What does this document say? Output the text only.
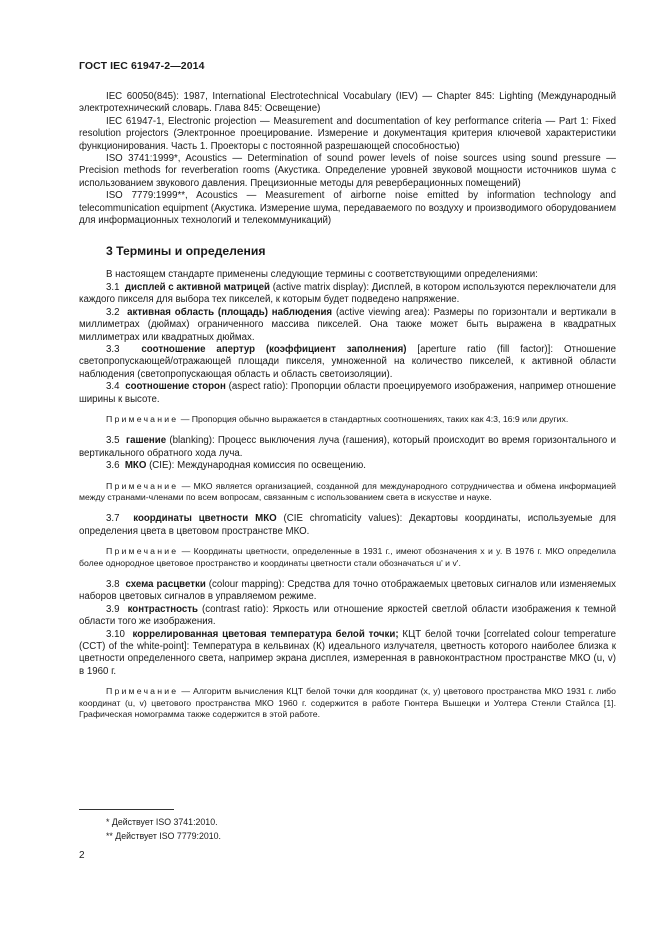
ГОСТ IEC 61947-2—2014

IEC 60050(845): 1987, International Electrotechnical Vocabulary (IEV) — Chapter 845: Lighting (Международный электротехнический словарь. Глава 845: Освещение)

IEC 61947-1, Electronic projection — Measurement and documentation of key performance criteria — Part 1: Fixed resolution projectors (Электронное проецирование. Измерение и документация критерия ключевой характеристики функционирования. Часть 1. Проекторы с постоянной разрешающей способностью)

ISO 3741:1999*, Acoustics — Determination of sound power levels of noise sources using sound pressure — Precision methods for reverberation rooms (Акустика. Определение уровней звуковой мощности источников шума с использованием звукового давления. Прецизионные методы для реверберационных помещений)

ISO 7779:1999**, Acoustics — Measurement of airborne noise emitted by information technology and telecommunication equipment (Акустика. Измерение шума, передаваемого по воздуху и производимого оборудованием для информационных технологий и телекоммуникаций)

3 Термины и определения

В настоящем стандарте применены следующие термины с соответствующими определениями:

3.1 дисплей с активной матрицей (active matrix display): Дисплей, в котором используются переключатели для каждого пикселя для выбора тех пикселей, к которым будет подведено напряжение.

3.2 активная область (площадь) наблюдения (active viewing area): Размеры по горизонтали и вертикали в миллиметрах (дюймах) ограниченного массива пикселей. Она также может быть выражена в квадратных миллиметрах или квадратных дюймах.

3.3 соотношение апертур (коэффициент заполнения) [aperture ratio (fill factor)]: Отношение светопропускающей/отражающей площади пикселя, умноженной на количество пикселей, к активной области наблюдения (светопропускающая область и область светоизоляции).

3.4 соотношение сторон (aspect ratio): Пропорции области проецируемого изображения, например отношение ширины к высоте.

Примечание — Пропорция обычно выражается в стандартных соотношениях, таких как 4:3, 16:9 или других.

3.5 гашение (blanking): Процесс выключения луча (гашения), который происходит во время горизонтального и вертикального обратного хода луча.

3.6 МКО (CIE): Международная комиссия по освещению.

Примечание — МКО является организацией, созданной для международного сотрудничества и обмена информацией между странами-членами по всем вопросам, связанным с использованием света в искусстве и науке.

3.7 координаты цветности МКО (CIE chromaticity values): Декартовы координаты, используемые для определения цвета в цветовом пространстве МКО.

Примечание — Координаты цветности, определенные в 1931 г., имеют обозначения x и y. В 1976 г. МКО определила более однородное цветовое пространство и координаты цветности стали обозначаться u' и v'.

3.8 схема расцветки (colour mapping): Средства для точно отображаемых цветовых сигналов или изменяемых наборов цветовых сигналов в управляемом режиме.

3.9 контрастность (contrast ratio): Яркость или отношение яркостей светлой области изображения к темной области того же изображения.

3.10 коррелированная цветовая температура белой точки; КЦТ белой точки [correlated colour temperature (CCT) of the white-point]: Температура в кельвинах (К) идеального излучателя, цветность которого наиболее близка к цветности определенного света, например экрана дисплея, измеренная в равноконтрастном пространстве МКО (u, v) в 1960 г.

Примечание — Алгоритм вычисления КЦТ белой точки для координат (x, y) цветового пространства МКО 1931 г. либо координат (u, v) цветового пространства МКО 1960 г. содержится в работе Гюнтера Вышецки и Уолтера Стенли Стайлса [1]. Графическая номограмма также содержится в этой работе.

* Действует ISO 3741:2010.
** Действует ISO 7779:2010.
2
